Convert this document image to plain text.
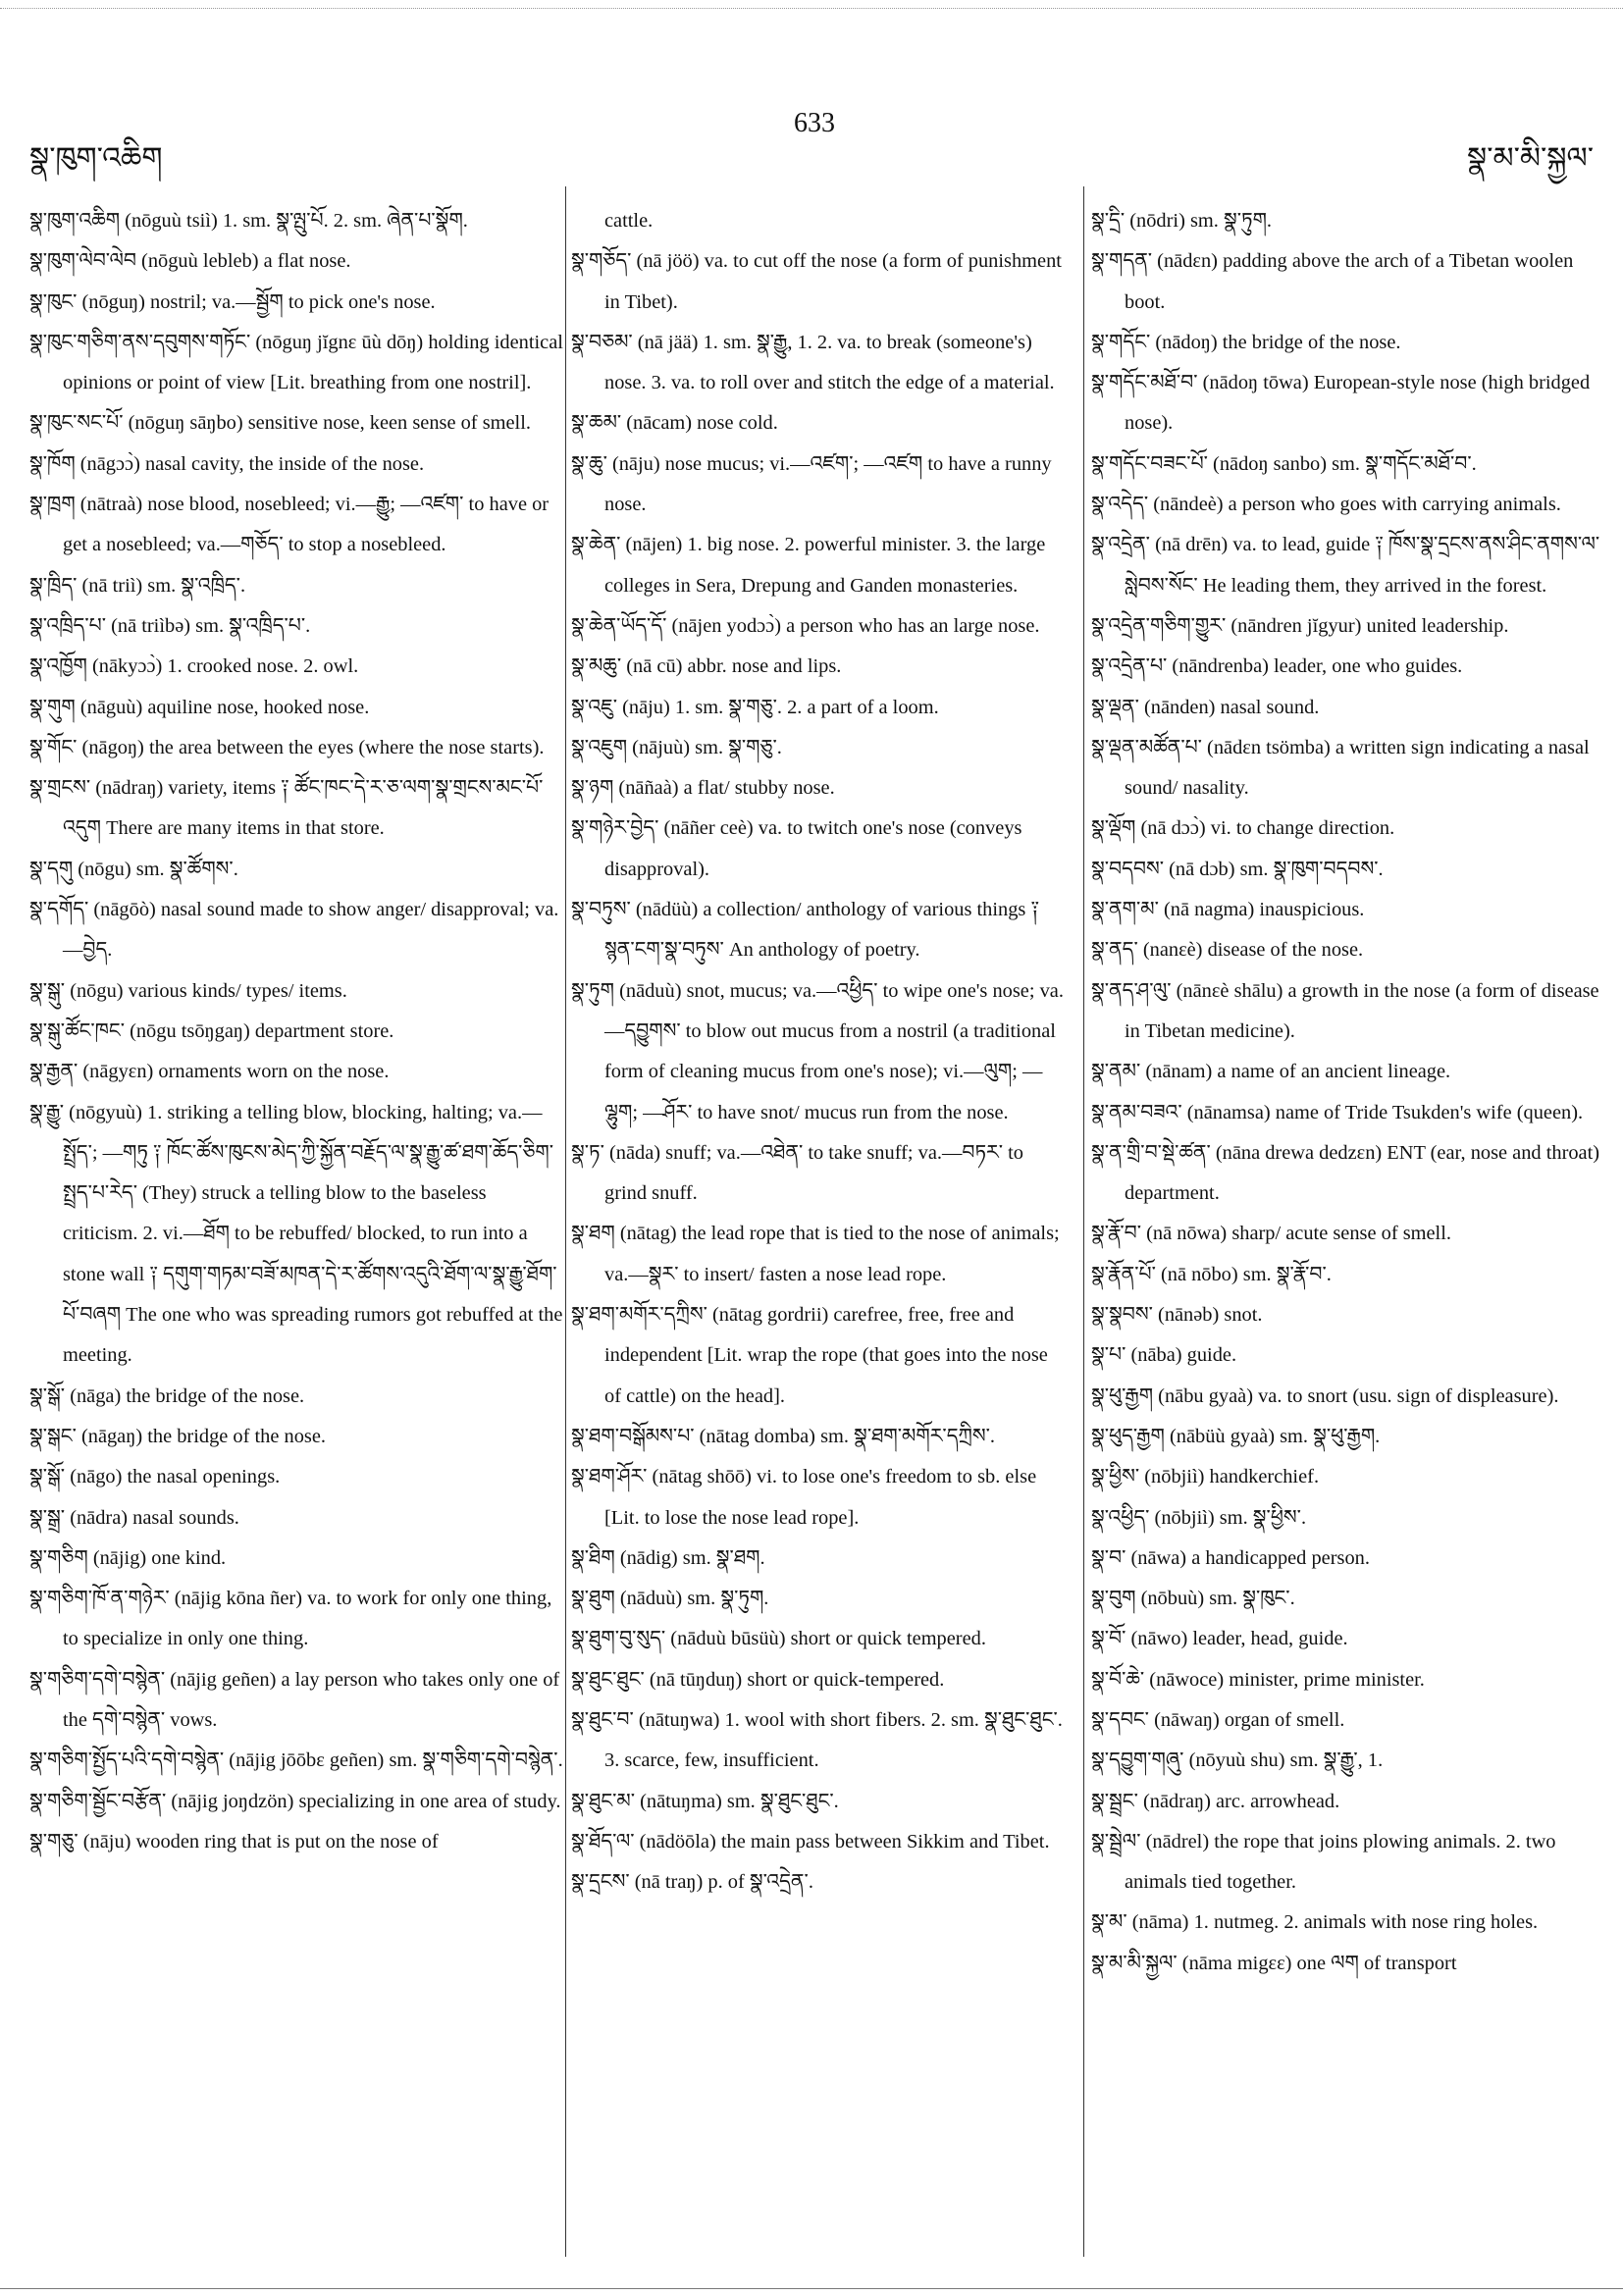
སྣ་ཁུག་འཆིག
633
སྣ་མ་མི་སྐྱལ་

སྣ་ཁུག་འཆིག (nōguù tsiì) 1. sm. སྣ་ལྤུ་པོ. 2. sm. ཞེན་པ་སྣོག.

སྣ་ཁུག་ལེབ་ལེབ (nōguù lebleb) a flat nose.

སྣ་ཁུང་ (nōguŋ) nostril; va.—སྦྱོག to pick one's nose.

སྣ་ཁུང་གཅིག་ནས་དབུགས་གཏོང་ (nōguŋ jĭgnε ūù dōŋ) holding identical opinions or point of view [Lit. breathing from one nostril].

སྣ་ཁུང་སང་པོ་ (nōguŋ sāŋbo) sensitive nose, keen sense of smell.

སྣ་ཁོག (nāgɔɔ̀) nasal cavity, the inside of the nose.

སྣ་ཁྲག (nātraà) nose blood, nosebleed; vi.—རྒྱུ; —འཛག་ to have or get a nosebleed; va.—གཅོད་ to stop a nosebleed.

སྣ་ཁྲིད་ (nā triì) sm. སྣ་འཁྲིད་.

སྣ་འཁྲིད་པ་ (nā triìbə) sm. སྣ་འཁྲིད་པ་.

སྣ་འཁྱོག (nākyɔɔ̀) 1. crooked nose. 2. owl.

སྣ་གུག (nāguù) aquiline nose, hooked nose.

སྣ་གོང་ (nāgoŋ) the area between the eyes (where the nose starts).

སྣ་གྲངས་ (nādraŋ) variety, items ༑ ཚོང་ཁང་དེ་ར་ཅ་ལག་སྣ་གྲངས་མང་པོ་འདུག There are many items in that store.

སྣ་དགུ (nōgu) sm. སྣ་ཚོགས་.

སྣ་དགོད་ (nāgōò) nasal sound made to show anger/ disapproval; va.—བྱེད.

སྣ་སྒུ་ (nōgu) various kinds/ types/ items.

སྣ་སྒུ་ཚོང་ཁང་ (nōgu tsōŋgaŋ) department store.

སྣ་རྒྱན་ (nāgyεn) ornaments worn on the nose.

སྣ་རྒྱུ་ (nōgyuù) 1. striking a telling blow, blocking, halting; va.—སྤྲོད་; —གཏུ ༑ ཁོང་ཚོས་ཁུངས་མེད་ཀྱི་སྐྱོན་བརྗོད་ལ་སྣ་རྒྱུ་ཚ་ཐག་ཆོད་ཅིག་སྤྲད་པ་རེད་ (They) struck a telling blow to the baseless criticism. 2. vi.—ཐོག to be rebuffed/ blocked, to run into a stone wall ༑ དགུག་གཏམ་བཟོ་མཁན་དེ་ར་ཚོགས་འདུའི་ཐོག་ལ་སྣ་རྒྱུ་ཐོག་པོ་བཞག The one who was spreading rumors got rebuffed at the meeting.

སྣ་སྒོ་ (nāga) the bridge of the nose.

སྣ་སྒང་ (nāgaŋ) the bridge of the nose.

སྣ་སྒོ་ (nāgo) the nasal openings.

སྣ་སྒྲ་ (nādra) nasal sounds.

སྣ་གཅིག (nājig) one kind.

སྣ་གཅིག་ཁོ་ན་གཉེར་ (nājig kōna ñer) va. to work for only one thing, to specialize in only one thing.

སྣ་གཅིག་དགེ་བསྙེན་ (nājig geñen) a lay person who takes only one of the དགེ་བསྙེན་ vows.

སྣ་གཅིག་སྤྱོད་པའི་དགེ་བསྙེན་ (nājig jōōbε geñen) sm. སྣ་གཅིག་དགེ་བསྙེན་.

སྣ་གཅིག་སྦྱོང་བརྩོན་ (nājig joŋdzön) specializing in one area of study.

སྣ་གཅུ་ (nāju) wooden ring that is put on the nose of

cattle.

སྣ་གཅོད་ (nā jöö) va. to cut off the nose (a form of punishment in Tibet).

སྣ་བཅམ་ (nā jää) 1. sm. སྣ་རྒྱུ, 1. 2. va. to break (someone's) nose. 3. va. to roll over and stitch the edge of a material.

སྣ་ཆམ་ (nācam) nose cold.

སྣ་ཆུ་ (nāju) nose mucus; vi.—འཛག་; —འཛག to have a runny nose.

སྣ་ཆེན་ (nājen) 1. big nose. 2. powerful minister. 3. the large colleges in Sera, Drepung and Ganden monasteries.

སྣ་ཆེན་ཡོད་དོ་ (nājen yodɔɔ̀) a person who has an large nose.

སྣ་མཆུ་ (nā cū) abbr. nose and lips.

སྣ་འཇུ་ (nāju) 1. sm. སྣ་གཅུ་. 2. a part of a loom.

སྣ་འཇུག (nājuù) sm. སྣ་གཅུ་.

སྣ་ཉག (nāñaà) a flat/ stubby nose.

སྣ་གཉེར་བྱེད་ (nāñer ceè) va. to twitch one's nose (conveys disapproval).

སྣ་བཏུས་ (nādüù) a collection/ anthology of various things ༑ སྙན་ངག་སྣ་བཏུས་ An anthology of poetry.

སྣ་ཏུག (nāduù) snot, mucus; va.—འཕྱིད་ to wipe one's nose; va.—དབྱུགས་ to blow out mucus from a nostril (a traditional form of cleaning mucus from one's nose); vi.—ལུག; —ལྷུག; —ཤོར་ to have snot/ mucus run from the nose.

སྣ་ཏ་ (nāda) snuff; va.—འཐེན་ to take snuff; va.—བཏར་ to grind snuff.

སྣ་ཐག (nātag) the lead rope that is tied to the nose of animals; va.—སྣར་ to insert/ fasten a nose lead rope.

སྣ་ཐག་མགོར་དཀྲིས་ (nātag gordrii) carefree, free, free and independent [Lit. wrap the rope (that goes into the nose of cattle) on the head].

སྣ་ཐག་བསྒོམས་པ་ (nātag domba) sm. སྣ་ཐག་མགོར་དཀྲིས་.

སྣ་ཐག་ཤོར་ (nātag shōō) vi. to lose one's freedom to sb. else [Lit. to lose the nose lead rope].

སྣ་ཐིག (nādig) sm. སྣ་ཐག.

སྣ་ཐུག (nāduù) sm. སྣ་ཏུག.

སྣ་ཐུག་བུ་སུད་ (nāduù būsüù) short or quick tempered.

སྣ་ཐུང་ཐུང་ (nā tūŋduŋ) short or quick-tempered.

སྣ་ཐུང་བ་ (nātuŋwa) 1. wool with short fibers. 2. sm. སྣ་ཐུང་ཐུང་. 3. scarce, few, insufficient.

སྣ་ཐུང་མ་ (nātuŋma) sm. སྣ་ཐུང་ཐུང་.

སྣ་ཐོད་ལ་ (nādöōla) the main pass between Sikkim and Tibet.

སྣ་དྲངས་ (nā traŋ) p. of སྣ་འདྲེན་.

སྣ་དྲི་ (nōdri) sm. སྣ་ཏུག.

སྣ་གདན་ (nādεn) padding above the arch of a Tibetan woolen boot.

སྣ་གདོང་ (nādoŋ) the bridge of the nose.

སྣ་གདོང་མཐོ་བ་ (nādoŋ tōwa) European-style nose (high bridged nose).

སྣ་གདོང་བཟང་པོ་ (nādoŋ sanbo) sm. སྣ་གདོང་མཐོ་བ་.

སྣ་འདེད་ (nāndeè) a person who goes with carrying animals.

སྣ་འདྲེན་ (nā drēn) va. to lead, guide ༑ ཁོས་སྣ་དྲངས་ནས་ཤིང་ནགས་ལ་སླེབས་སོང་ He leading them, they arrived in the forest.

སྣ་འདྲེན་གཅིག་གྱུར་ (nāndren jĭgyur) united leadership.

སྣ་འདྲེན་པ་ (nāndrenba) leader, one who guides.

སྣ་ལྡན་ (nānden) nasal sound.

སྣ་ལྡན་མཚོན་པ་ (nādεn tsömba) a written sign indicating a nasal sound/ nasality.

སྣ་ལྡོག (nā dɔɔ̀) vi. to change direction.

སྣ་བདབས་ (nā dɔb) sm. སྣ་ཁུག་བདབས་.

སྣ་ནག་མ་ (nā nagma) inauspicious.

སྣ་ནད་ (nanεè) disease of the nose.

སྣ་ནད་ཤ་ལུ་ (nānεè shālu) a growth in the nose (a form of disease in Tibetan medicine).

སྣ་ནམ་ (nānam) a name of an ancient lineage.

སྣ་ནམ་བཟའ་ (nānamsa) name of Tride Tsukden's wife (queen).

སྣ་ན་གྲི་བ་སྡེ་ཚན་ (nāna drewa dedzεn) ENT (ear, nose and throat) department.

སྣ་རྣོ་བ་ (nā nōwa) sharp/ acute sense of smell.

སྣ་རྣོན་པོ་ (nā nōbo) sm. སྣ་རྣོ་བ་.

སྣ་སྣབས་ (nānəb) snot.

སྣ་པ་ (nāba) guide.

སྣ་ཕུ་རྒྱག (nābu gyaà) va. to snort (usu. sign of displeasure).

སྣ་ཕུད་རྒྱག (nābüù gyaà) sm. སྣ་ཕུ་རྒྱག.

སྣ་ཕྱིས་ (nōbjiì) handkerchief.

སྣ་འཕྱིད་ (nōbjiì) sm. སྣ་ཕྱིས་.

སྣ་བ་ (nāwa) a handicapped person.

སྣ་བུག (nōbuù) sm. སྣ་ཁུང་.

སྣ་བོ་ (nāwo) leader, head, guide.

སྣ་བོ་ཆེ་ (nāwoce) minister, prime minister.

སྣ་དབང་ (nāwaŋ) organ of smell.

སྣ་དབྱུག་གཞུ་ (nōyuù shu) sm. སྣ་རྒྱུ་, 1.

སྣ་སྦྲང་ (nādraŋ) arc. arrowhead.

སྣ་སྦྲེལ་ (nādrel) the rope that joins plowing animals. 2. two animals tied together.

སྣ་མ་ (nāma) 1. nutmeg. 2. animals with nose ring holes.

སྣ་མ་མི་སྐྱལ་ (nāma migεε) one ལག of transport
